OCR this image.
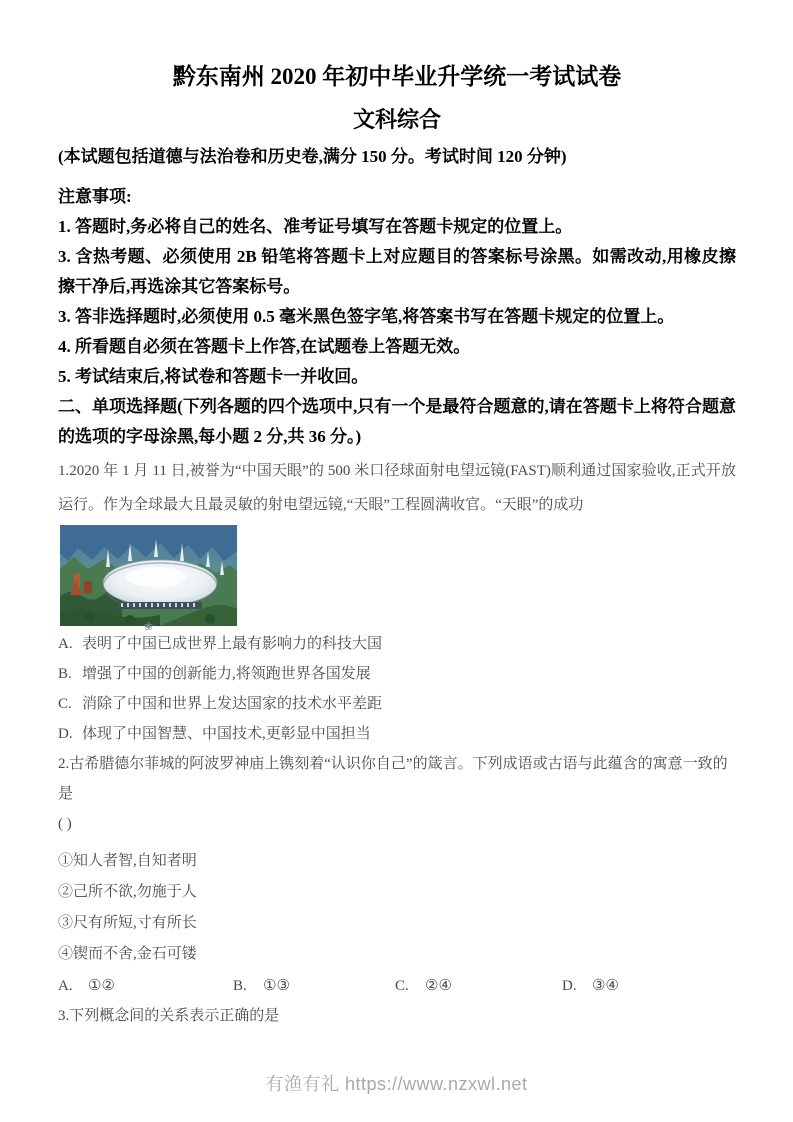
黔东南州 2020 年初中毕业升学统一考试试卷
文科综合

(本试题包括道德与法治卷和历史卷,满分 150 分。考试时间 120 分钟)

注意事项:

1. 答题时,务必将自己的姓名、准考证号填写在答题卡规定的位置上。

3. 含热考题、必须使用 2B 铅笔将答题卡上对应题目的答案标号涂黑。如需改动,用橡皮擦擦干净后,再选涂其它答案标号。

3. 答非选择题时,必须使用 0.5 毫米黑色签字笔,将答案书写在答题卡规定的位置上。

4. 所看题自必须在答题卡上作答,在试题卷上答题无效。

5. 考试结束后,将试卷和答题卡一并收回。

二、单项选择题(下列各题的四个选项中,只有一个是最符合题意的,请在答题卡上将符合题意的选项的字母涂黑,每小题 2 分,共 36 分。)

1.2020 年 1 月 11 日,被誉为“中国天眼”的 500 米口径球面射电望远镜(FAST)顺利通过国家验收,正式开放运行。作为全球最大且最灵敏的射电望远镜,“天眼”工程圆满收官。“天眼”的成功

❀
A. 表明了中国已成世界上最有影响力的科技大国
B. 增强了中国的创新能力,将领跑世界各国发展
C. 消除了中国和世界上发达国家的技术水平差距
D. 体现了中国智慧、中国技术,更彰显中国担当

2.古希腊德尔菲城的阿波罗神庙上镌刻着“认识你自己”的箴言。下列成语或古语与此蕴含的寓意一致的是

( )

①知人者智,自知者明

②己所不欲,勿施于人

③尺有所短,寸有所长

④锲而不舍,金石可镂

A. ①②	B. ①③	C. ②④	D. ③④

3.下列概念间的关系表示正确的是

有渔有礼 https://www.nzxwl.net
